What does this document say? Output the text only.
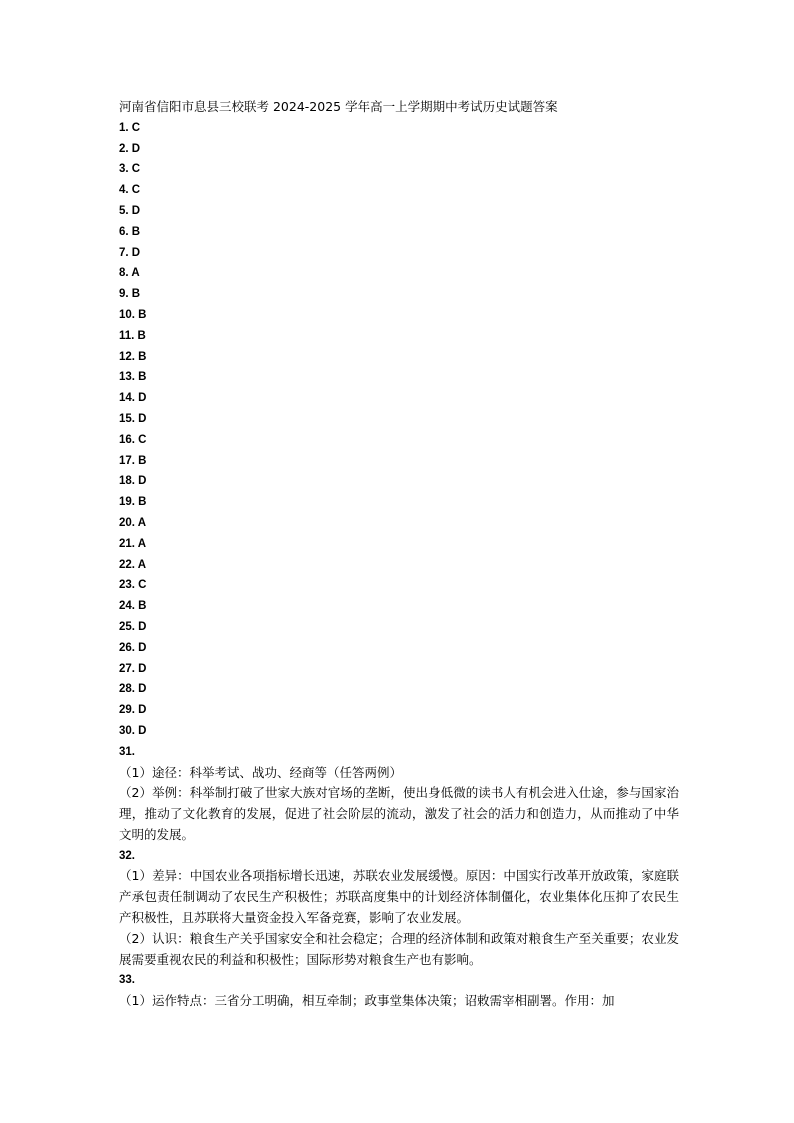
河南省信阳市息县三校联考 2024-2025 学年高一上学期期中考试历史试题答案

1. C
2. D
3. C
4. C
5. D
6. B
7. D
8. A
9. B
10. B
11. B
12. B
13. B
14. D
15. D
16. C
17. B
18. D
19. B
20. A
21. A
22. A
23. C
24. B
25. D
26. D
27. D
28. D
29. D
30. D
31.

（1）途径：科举考试、战功、经商等（任答两例）

（2）举例：科举制打破了世家大族对官场的垄断，使出身低微的读书人有机会进入仕途，参与国家治理，推动了文化教育的发展，促进了社会阶层的流动，激发了社会的活力和创造力，从而推动了中华文明的发展。

32.

（1）差异：中国农业各项指标增长迅速，苏联农业发展缓慢。原因：中国实行改革开放政策，家庭联产承包责任制调动了农民生产积极性；苏联高度集中的计划经济体制僵化，农业集体化压抑了农民生产积极性，且苏联将大量资金投入军备竞赛，影响了农业发展。

（2）认识：粮食生产关乎国家安全和社会稳定；合理的经济体制和政策对粮食生产至关重要；农业发展需要重视农民的利益和积极性；国际形势对粮食生产也有影响。

33.

（1）运作特点：三省分工明确，相互牵制；政事堂集体决策；诏敕需宰相副署。作用：加
